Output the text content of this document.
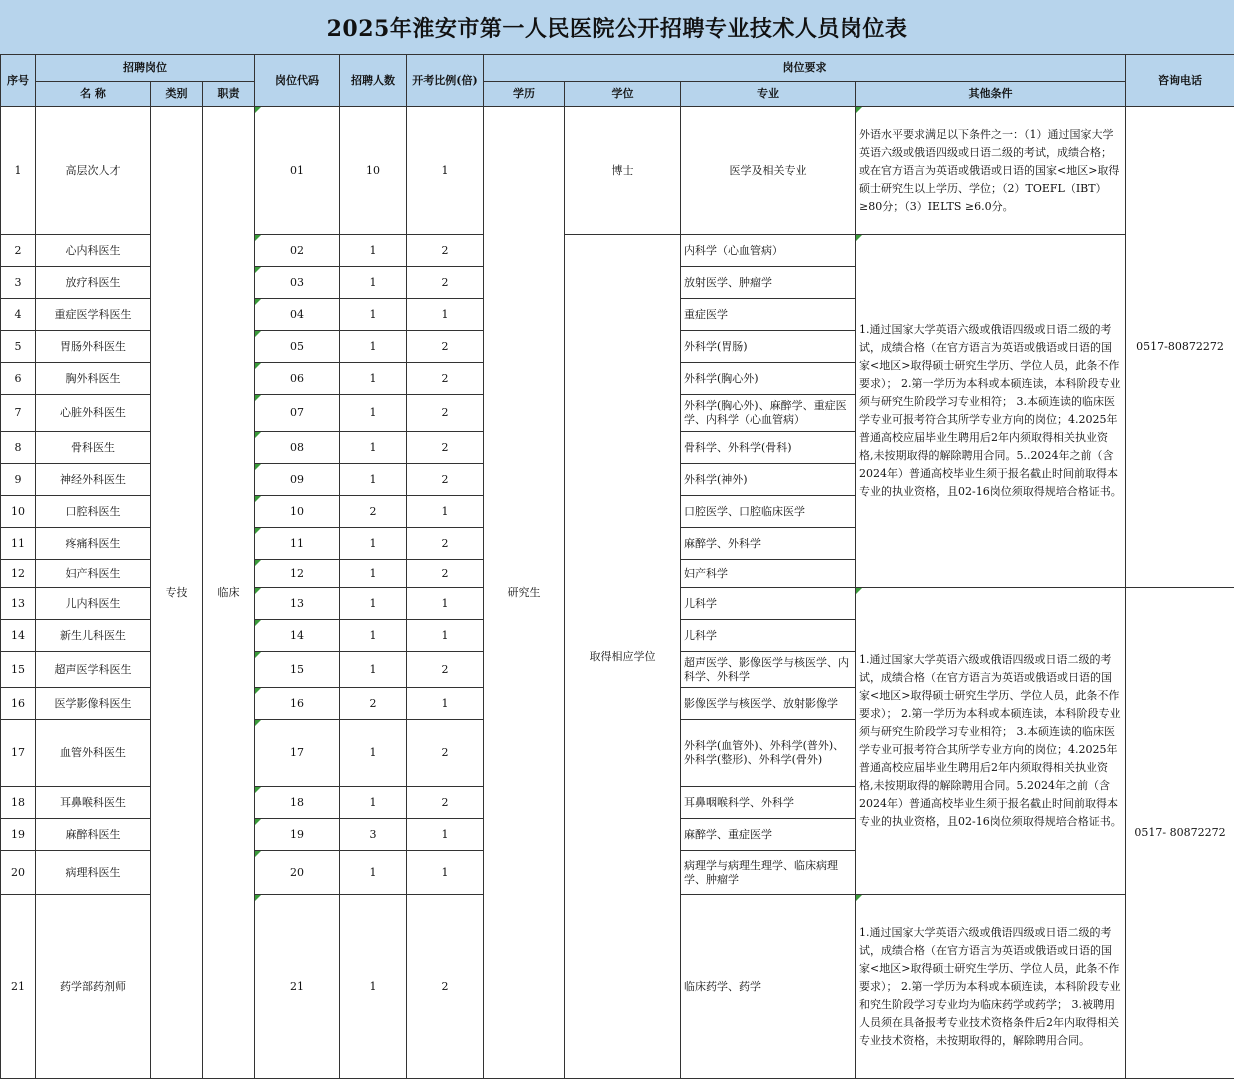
2025年淮安市第一人民医院公开招聘专业技术人员岗位表
序号	招聘岗位			岗位代码	招聘人数	开考比例(倍)	岗位要求				咨询电话
	名 称	类别	职责				学历	学位	专业	其他条件	
1	高层次人才	专技	临床	01	10	1	研究生	博士	医学及相关专业	外语水平要求满足以下条件之一：（1）通过国家大学英语六级或俄语四级或日语二级的考试，成绩合格；或在官方语言为英语或俄语或日语的国家<地区>取得硕士研究生以上学历、学位；（2）TOEFL（IBT）≥80分；（3）IELTS ≥6.0分。	0517-80872272
2	心内科医生			02	1	2		取得相应学位	内科学（心血管病）	1.通过国家大学英语六级或俄语四级或日语二级的考试，成绩合格（在官方语言为英语或俄语或日语的国家<地区>取得硕士研究生学历、学位人员，此条不作要求）； 2.第一学历为本科或本硕连读，本科阶段专业须与研究生阶段学习专业相符； 3.本硕连读的临床医学专业可报考符合其所学专业方向的岗位；4.2025年普通高校应届毕业生聘用后2年内须取得相关执业资格,未按期取得的解除聘用合同。5..2024年之前（含2024年）普通高校毕业生须于报名截止时间前取得本专业的执业资格，且02-16岗位须取得规培合格证书。	
3	放疗科医生			03	1	2			放射医学、肿瘤学		
4	重症医学科医生			04	1	1			重症医学		
5	胃肠外科医生			05	1	2			外科学(胃肠)		
6	胸外科医生			06	1	2			外科学(胸心外)		
7	心脏外科医生			07	1	2			外科学(胸心外)、麻醉学、重症医学、内科学（心血管病）		
8	骨科医生			08	1	2			骨科学、外科学(骨科)		
9	神经外科医生			09	1	2			外科学(神外)		
10	口腔科医生			10	2	1			口腔医学、口腔临床医学		
11	疼痛科医生			11	1	2			麻醉学、外科学		
12	妇产科医生			12	1	2			妇产科学		
13	儿内科医生			13	1	1			儿科学	1.通过国家大学英语六级或俄语四级或日语二级的考试，成绩合格（在官方语言为英语或俄语或日语的国家<地区>取得硕士研究生学历、学位人员，此条不作要求）； 2.第一学历为本科或本硕连读，本科阶段专业须与研究生阶段学习专业相符； 3.本硕连读的临床医学专业可报考符合其所学专业方向的岗位；4.2025年普通高校应届毕业生聘用后2年内须取得相关执业资格,未按期取得的解除聘用合同。5.2024年之前（含2024年）普通高校毕业生须于报名截止时间前取得本专业的执业资格，且02-16岗位须取得规培合格证书。	0517- 80872272
14	新生儿科医生			14	1	1			儿科学		
15	超声医学科医生			15	1	2			超声医学、影像医学与核医学、内科学、外科学		
16	医学影像科医生			16	2	1			影像医学与核医学、放射影像学		
17	血管外科医生			17	1	2			外科学(血管外)、外科学(普外)、外科学(整形)、外科学(骨外)		
18	耳鼻喉科医生			18	1	2			耳鼻咽喉科学、外科学		
19	麻醉科医生			19	3	1			麻醉学、重症医学		
20	病理科医生			20	1	1			病理学与病理生理学、临床病理学、肿瘤学		
21	药学部药剂师			21	1	2			临床药学、药学	1.通过国家大学英语六级或俄语四级或日语二级的考试，成绩合格（在官方语言为英语或俄语或日语的国家<地区>取得硕士研究生学历、学位人员，此条不作要求）； 2.第一学历为本科或本硕连读，本科阶段专业和究生阶段学习专业均为临床药学或药学； 3.被聘用人员须在具备报考专业技术资格条件后2年内取得相关专业技术资格，未按期取得的，解除聘用合同。	
